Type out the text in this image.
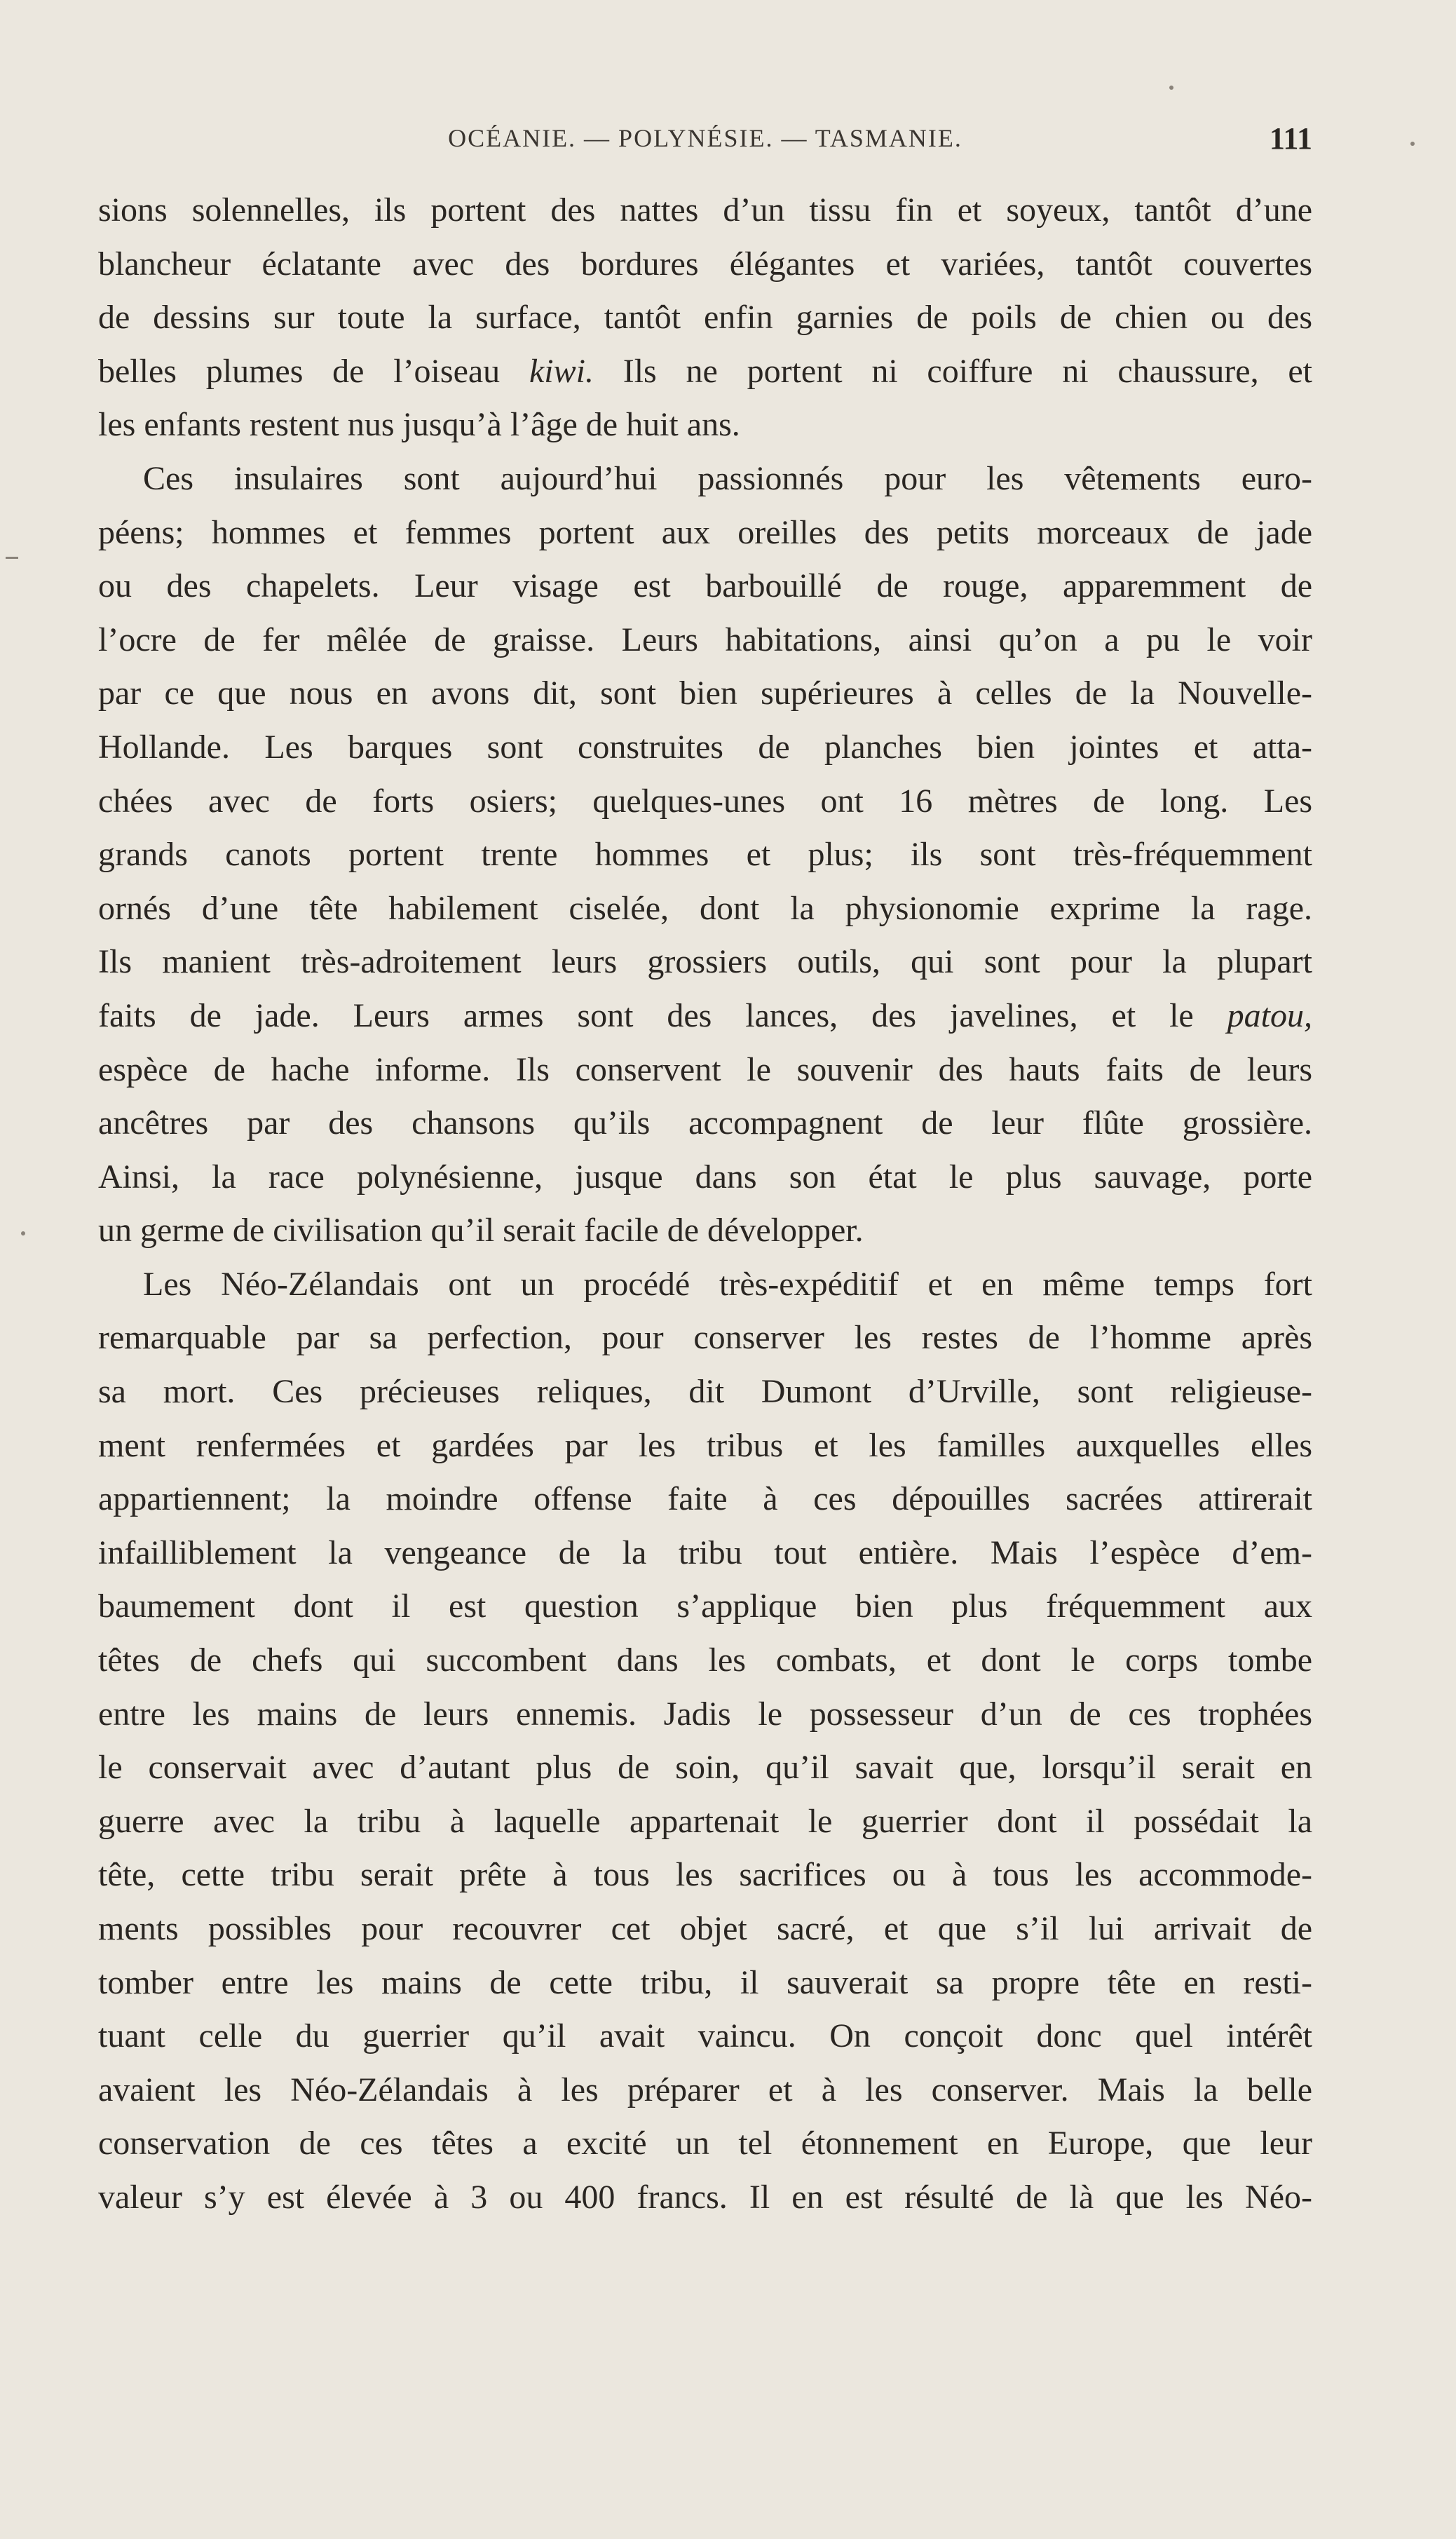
OCÉANIE. — POLYNÉSIE. — TASMANIE.	111
sions solennelles, ils portent des nattes d’un tissu fin et soyeux, tantôt d’une
blancheur éclatante avec des bordures élégantes et variées, tantôt couvertes
de dessins sur toute la surface, tantôt enfin garnies de poils de chien ou des
belles plumes de l’oiseau kiwi. Ils ne portent ni coiffure ni chaussure, et
les enfants restent nus jusqu’à l’âge de huit ans.
Ces insulaires sont aujourd’hui passionnés pour les vêtements euro-
péens; hommes et femmes portent aux oreilles des petits morceaux de jade
ou des chapelets. Leur visage est barbouillé de rouge, apparemment de
l’ocre de fer mêlée de graisse. Leurs habitations, ainsi qu’on a pu le voir
par ce que nous en avons dit, sont bien supérieures à celles de la Nouvelle-
Hollande. Les barques sont construites de planches bien jointes et atta-
chées avec de forts osiers; quelques-unes ont 16 mètres de long. Les
grands canots portent trente hommes et plus; ils sont très-fréquemment
ornés d’une tête habilement ciselée, dont la physionomie exprime la rage.
Ils manient très-adroitement leurs grossiers outils, qui sont pour la plupart
faits de jade. Leurs armes sont des lances, des javelines, et le patou,
espèce de hache informe. Ils conservent le souvenir des hauts faits de leurs
ancêtres par des chansons qu’ils accompagnent de leur flûte grossière.
Ainsi, la race polynésienne, jusque dans son état le plus sauvage, porte
un germe de civilisation qu’il serait facile de développer.
Les Néo-Zélandais ont un procédé très-expéditif et en même temps fort
remarquable par sa perfection, pour conserver les restes de l’homme après
sa mort. Ces précieuses reliques, dit Dumont d’Urville, sont religieuse-
ment renfermées et gardées par les tribus et les familles auxquelles elles
appartiennent; la moindre offense faite à ces dépouilles sacrées attirerait
infailliblement la vengeance de la tribu tout entière. Mais l’espèce d’em-
baumement dont il est question s’applique bien plus fréquemment aux
têtes de chefs qui succombent dans les combats, et dont le corps tombe
entre les mains de leurs ennemis. Jadis le possesseur d’un de ces trophées
le conservait avec d’autant plus de soin, qu’il savait que, lorsqu’il serait en
guerre avec la tribu à laquelle appartenait le guerrier dont il possédait la
tête, cette tribu serait prête à tous les sacrifices ou à tous les accommode-
ments possibles pour recouvrer cet objet sacré, et que s’il lui arrivait de
tomber entre les mains de cette tribu, il sauverait sa propre tête en resti-
tuant celle du guerrier qu’il avait vaincu. On conçoit donc quel intérêt
avaient les Néo-Zélandais à les préparer et à les conserver. Mais la belle
conservation de ces têtes a excité un tel étonnement en Europe, que leur
valeur s’y est élevée à 3 ou 400 francs. Il en est résulté de là que les Néo-
